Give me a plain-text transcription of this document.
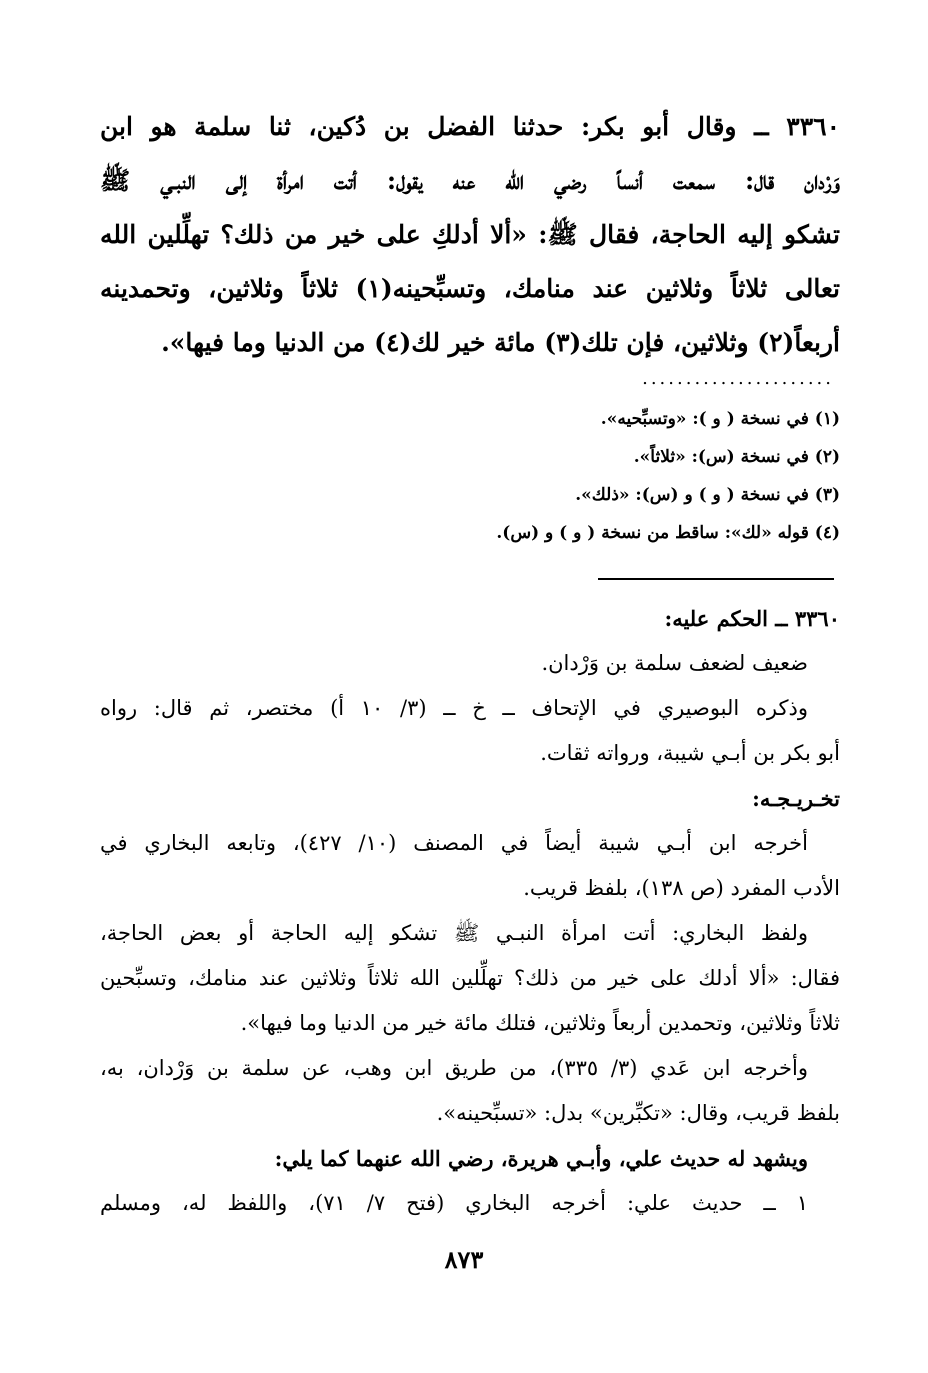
٣٣٦٠ ــ وقال أبو بكر: حدثنا الفضل بن دُكين، ثنا سلمة هو ابن
وَرْدان قال: سمعت أنساً رضي الله عنه يقول: أتت امرأة إلى النبـي ﷺ
تشكو إليه الحاجة، فقال ﷺ: «ألا أدلكِ على خير من ذلك؟ تهلِّلين الله
تعالى ثلاثاً وثلاثين عند منامك، وتسبِّحينه(١) ثلاثاً وثلاثين، وتحمدينه
أربعاً(٢) وثلاثين، فإن تلك(٣) مائة خير لك(٤) من الدنيا وما فيها».
......................
(١) في نسخة ( و ): «وتسبِّحيه».
(٢) في نسخة (س): «ثلاثاً».
(٣) في نسخة ( و ) و (س): «ذلك».
(٤) قوله «لك»: ساقط من نسخة ( و ) و (س).
٣٣٦٠ ــ الحكم عليه:
ضعيف لضعف سلمة بن وَرْدان.
وذكره البوصيري في الإتحاف ــ خ ــ (٣/ ١٠ أ) مختصر، ثم قال: رواه
أبو بكر بن أبـي شيبة، ورواته ثقات.
تخـريـجـه:
أخرجه ابن أبـي شيبة أيضاً في المصنف (١٠/ ٤٢٧)، وتابعه البخاري في
الأدب المفرد (ص ١٣٨)، بلفظ قريب.
ولفظ البخاري: أتت امرأة النبـي ﷺ تشكو إليه الحاجة أو بعض الحاجة،
فقال: «ألا أدلك على خير من ذلك؟ تهلِّلين الله ثلاثاً وثلاثين عند منامك، وتسبِّحين
ثلاثاً وثلاثين، وتحمدين أربعاً وثلاثين، فتلك مائة خير من الدنيا وما فيها».
وأخرجه ابن عَدي (٣/ ٣٣٥)، من طريق ابن وهب، عن سلمة بن وَرْدان، به،
بلفظ قريب، وقال: «تكبِّرين» بدل: «تسبِّحينه».
ويشهد له حديث علي، وأبـي هريرة، رضي الله عنهما كما يلي:
١ ــ حديث علي: أخرجه البخاري (فتح ٧/ ٧١)، واللفظ له، ومسلم
٨٧٣
